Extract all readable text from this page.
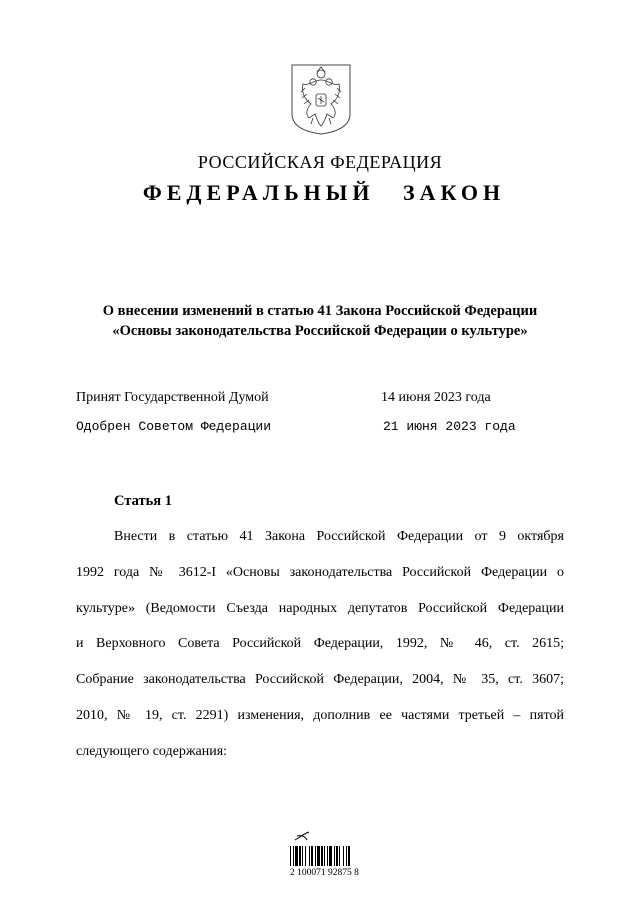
РОССИЙСКАЯ ФЕДЕРАЦИЯ
ФЕДЕРАЛЬНЫЙ ЗАКОН
О внесении изменений в статью 41 Закона Российской Федерации
«Основы законодательства Российской Федерации о культуре»
Принят Государственной Думой	14 июня 2023 года
Одобрен Советом Федерации	21 июня 2023 года
Статья 1
Внести в статью 41 Закона Российской Федерации от 9 октября
1992 года № 3612-I «Основы законодательства Российской Федерации о
культуре» (Ведомости Съезда народных депутатов Российской Федерации
и Верховного Совета Российской Федерации, 1992, № 46, ст. 2615;
Собрание законодательства Российской Федерации, 2004, № 35, ст. 3607;
2010, № 19, ст. 2291) изменения, дополнив ее частями третьей – пятой
следующего содержания:
2 100071 92875 8
